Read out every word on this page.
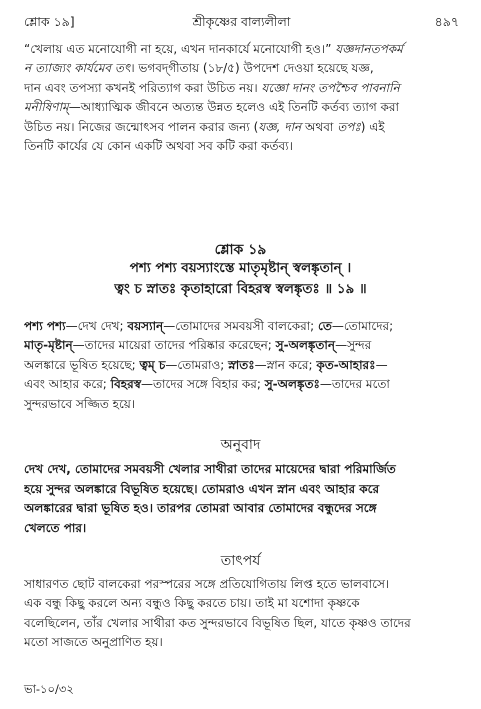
শ্লোক ১৯]	শ্রীকৃষ্ণের বাল্যলীলা	৪৯৭
“খেলায় এত মনোযোগী না হয়ে, এখন দানকার্যে মনোযোগী হও।” যজ্ঞদানতপকর্ম
ন ত্যাজ্যং কার্যমেব তৎ। ভগবদ্‌গীতায় (১৮/৫) উপদেশ দেওয়া হয়েছে যজ্ঞ,
দান এবং তপস্যা কখনই পরিত্যাগ করা উচিত নয়। যজ্ঞো দানং তপশ্চৈব পাবনানি
মনীষিণাম্‌—আধ্যাত্মিক জীবনে অত্যন্ত উন্নত হলেও এই তিনটি কর্তব্য ত্যাগ করা
উচিত নয়। নিজের জন্মোৎসব পালন করার জন্য (যজ্ঞ, দান অথবা তপঃ) এই
তিনটি কার্যের যে কোন একটি অথবা সব কটি করা কর্তব্য।
শ্লোক ১৯
পশ্য পশ্য বয়স্যাংস্তে মাতৃমৃষ্টান্‌ স্বলঙ্কৃতান্‌ ।
ত্বং চ স্নাতঃ কৃতাহারো বিহরস্ব স্বলঙ্কৃতঃ ॥ ১৯ ॥
পশ্য পশ্য—দেখ দেখ; বয়স্যান্‌—তোমাদের সমবয়সী বালকেরা; তে—তোমাদের;
মাতৃ-মৃষ্টান্‌—তাদের মায়েরা তাদের পরিষ্কার করেছেন; সু-অলঙ্কৃতান্‌—সুন্দর
অলঙ্কারে ভূষিত হয়েছে; ত্বম্‌ চ—তোমরাও; স্নাতঃ—স্নান করে; কৃত-আহারঃ—
এবং আহার করে; বিহরস্ব—তাদের সঙ্গে বিহার কর; সু-অলঙ্কৃতঃ—তাদের মতো
সুন্দরভাবে সজ্জিত হয়ে।
অনুবাদ
দেখ দেখ, তোমাদের সমবয়সী খেলার সাথীরা তাদের মায়েদের দ্বারা পরিমার্জিত
হয়ে সুন্দর অলঙ্কারে বিভূষিত হয়েছে। তোমরাও এখন স্নান এবং আহার করে
অলঙ্কারের দ্বারা ভূষিত হও। তারপর তোমরা আবার তোমাদের বন্ধুদের সঙ্গে
খেলতে পার।
তাৎপর্য
সাধারণত ছোট বালকেরা পরস্পরের সঙ্গে প্রতিযোগিতায় লিপ্ত হতে ভালবাসে।
এক বন্ধু কিছু করলে অন্য বন্ধুও কিছু করতে চায়। তাই মা যশোদা কৃষ্ণকে
বলেছিলেন, তাঁর খেলার সাথীরা কত সুন্দরভাবে বিভূষিত ছিল, যাতে কৃষ্ণও তাদের
মতো সাজতে অনুপ্রাণিত হয়।
ভা-১০/৩২
